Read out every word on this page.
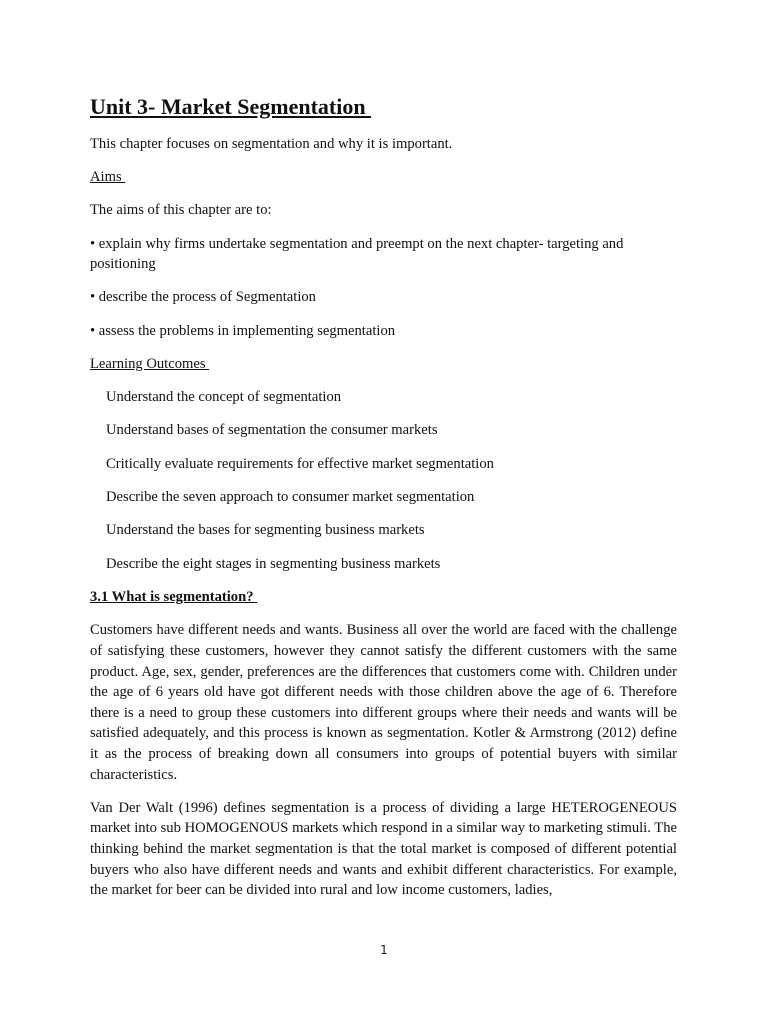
Unit 3- Market Segmentation
This chapter focuses on segmentation and why it is important.
Aims
The aims of this chapter are to:
• explain why firms undertake segmentation and preempt on the next chapter- targeting and positioning
• describe the process of Segmentation
• assess the problems in implementing segmentation
Learning Outcomes
Understand the concept of segmentation
Understand bases of segmentation the consumer markets
Critically evaluate requirements for effective market segmentation
Describe the seven approach to consumer market segmentation
Understand the bases for segmenting business markets
Describe the eight stages in segmenting business markets
3.1 What is segmentation?
Customers have different needs and wants. Business all over the world are faced with the challenge of satisfying these customers, however they cannot satisfy the different customers with the same product. Age, sex, gender, preferences are the differences that customers come with. Children under the age of 6 years old have got different needs with those children above the age of 6. Therefore there is a need to group these customers into different groups where their needs and wants will be satisfied adequately, and this process is known as segmentation. Kotler & Armstrong (2012) define it as the process of breaking down all consumers into groups of potential buyers with similar characteristics.
Van Der Walt (1996) defines segmentation is a process of dividing a large HETEROGENEOUS market into sub HOMOGENOUS markets which respond in a similar way to marketing stimuli. The thinking behind the market segmentation is that the total market is composed of different potential buyers who also have different needs and wants and exhibit different characteristics. For example, the market for beer can be divided into rural and low income customers, ladies,
1
